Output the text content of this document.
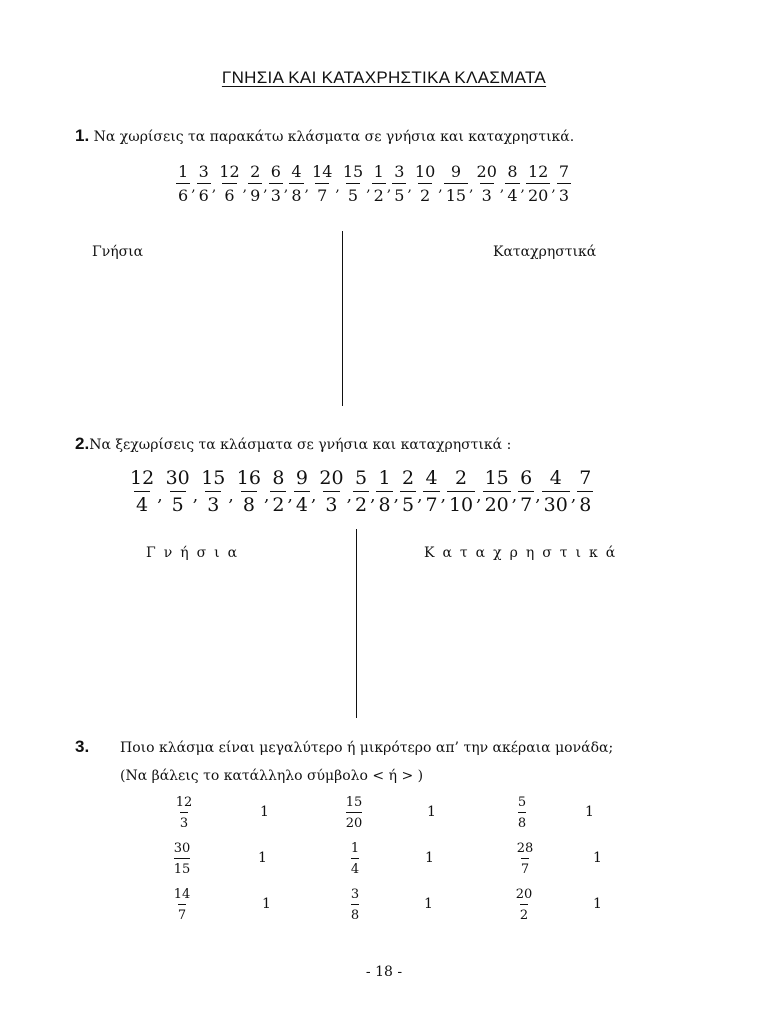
ΓΝΗΣΙΑ ΚΑΙ ΚΑΤΑΧΡΗΣΤΙΚΑ ΚΛΑΣΜΑΤΑ
1. Να χωρίσεις τα παρακάτω κλάσματα σε γνήσια και καταχρηστικά.
$\frac{1}{6}$ , $\frac{3}{6}$ , $\frac{12}{6}$ , $\frac{2}{9}$ , $\frac{6}{3}$ , $\frac{4}{8}$ , $\frac{14}{7}$ , $\frac{15}{5}$ , $\frac{1}{2}$ , $\frac{3}{5}$ , $\frac{10}{2}$ , $\frac{9}{15}$ , $\frac{20}{3}$ , $\frac{8}{4}$ , $\frac{12}{20}$ , $\frac{7}{3}$
Γνήσια	Καταχρηστικά
2.Να ξεχωρίσεις τα κλάσματα σε γνήσια και καταχρηστικά :
$\frac{12}{4}$ , $\frac{30}{5}$ , $\frac{15}{3}$ , $\frac{16}{8}$ , $\frac{8}{2}$ , $\frac{9}{4}$ , $\frac{20}{3}$ , $\frac{5}{2}$ , $\frac{1}{8}$ , $\frac{2}{5}$ , $\frac{4}{7}$ , $\frac{2}{10}$ , $\frac{15}{20}$ , $\frac{6}{7}$ , $\frac{4}{30}$ , $\frac{7}{8}$
Γνήσια	Καταχρηστικά
3. Ποιο κλάσμα είναι μεγαλύτερο ή μικρότερο απ’ την ακέραια μονάδα;
(Να βάλεις το κατάλληλο σύμβολο < ή > )
$\frac{12}{3}$	1	$\frac{15}{20}$	1	$\frac{5}{8}$	1
$\frac{30}{15}$	1	$\frac{1}{4}$	1	$\frac{28}{7}$	1
$\frac{14}{7}$	1	$\frac{3}{8}$	1	$\frac{20}{2}$	1
- 18 -
